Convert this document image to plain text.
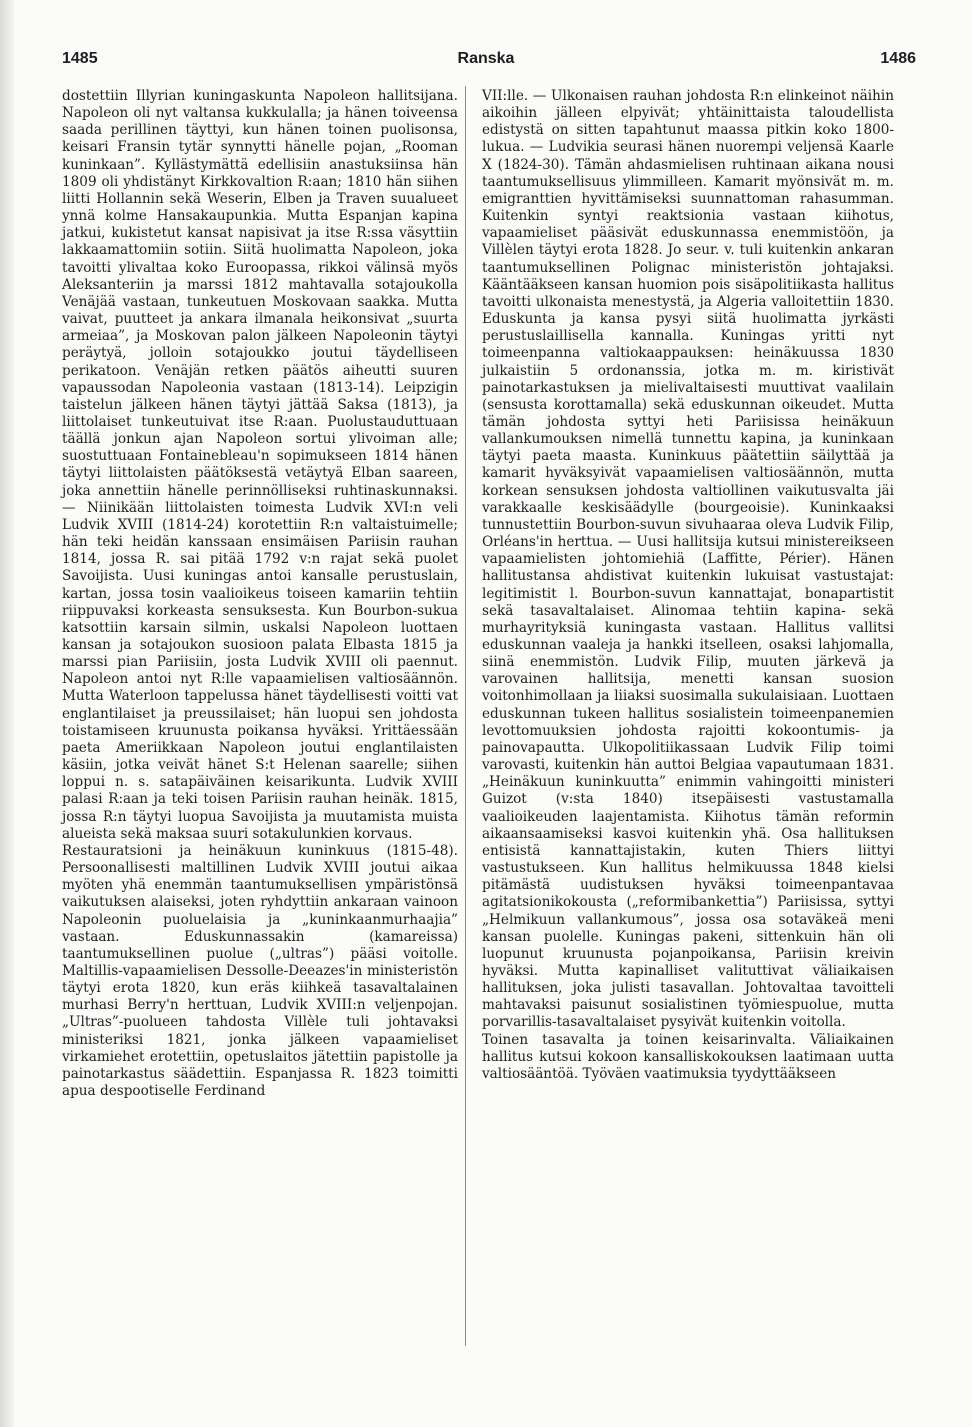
1485	Ranska	1486

dostettiin Illyrian kuningaskunta Napoleon hallitsijana. Napoleon oli nyt valtansa kukkulalla; ja hänen toiveensa saada perillinen täyttyi, kun hänen toinen puolisonsa, keisari Fransin tytär synnytti hänelle pojan, „Rooman kuninkaan”. Kyllästymättä edellisiin anastuksiinsa hän 1809 oli yhdistänyt Kirkkovaltion R:aan; 1810 hän siihen liitti Hollannin sekä Weserin, Elben ja Traven suualueet ynnä kolme Hansakaupunkia. Mutta Espanjan kapina jatkui, kukistetut kansat napisivat ja itse R:ssa väsyttiin lakkaamattomiin sotiin. Siitä huolimatta Napoleon, joka tavoitti ylivaltaa koko Euroopassa, rikkoi välinsä myös Aleksanteriin ja marssi 1812 mahtavalla sotajoukolla Venäjää vastaan, tunkeutuen Moskovaan saakka. Mutta vaivat, puutteet ja ankara ilmanala heikonsivat „suurta armeiaa”, ja Moskovan palon jälkeen Napoleonin täytyi peräytyä, jolloin sotajoukko joutui täydelliseen perikatoon. Venäjän retken päätös aiheutti suuren vapaussodan Napoleonia vastaan (1813-14). Leipzigin taistelun jälkeen hänen täytyi jättää Saksa (1813), ja liittolaiset tunkeutuivat itse R:aan. Puolustauduttuaan täällä jonkun ajan Napoleon sortui ylivoiman alle; suostuttuaan Fontainebleau'n sopimukseen 1814 hänen täytyi liittolaisten päätöksestä vetäytyä Elban saareen, joka annettiin hänelle perinnölliseksi ruhtinaskunnaksi. — Niinikään liittolaisten toimesta Ludvik XVI:n veli Ludvik XVIII (1814-24) korotettiin R:n valtaistuimelle; hän teki heidän kanssaan ensimäisen Pariisin rauhan 1814, jossa R. sai pitää 1792 v:n rajat sekä puolet Savoijista. Uusi kuningas antoi kansalle perustuslain, kartan, jossa tosin vaalioikeus toiseen kamariin tehtiin riippuvaksi korkeasta sensuksesta. Kun Bourbon-sukua katsottiin karsain silmin, uskalsi Napoleon luottaen kansan ja sotajoukon suosioon palata Elbasta 1815 ja marssi pian Pariisiin, josta Ludvik XVIII oli paennut. Napoleon antoi nyt R:lle vapaamielisen valtiosäännön. Mutta Waterloon tappelussa hänet täydellisesti voitti vat englantilaiset ja preussilaiset; hän luopui sen johdosta toistamiseen kruunusta poikansa hyväksi. Yrittäessään paeta Ameriikkaan Napoleon joutui englantilaisten käsiin, jotka veivät hänet S:t Helenan saarelle; siihen loppui n. s. satapäiväinen keisarikunta. Ludvik XVIII palasi R:aan ja teki toisen Pariisin rauhan heinäk. 1815, jossa R:n täytyi luopua Savoijista ja muutamista muista alueista sekä maksaa suuri sotakulunkien korvaus.

Restauratsioni ja heinäkuun kuninkuus (1815-48). Persoonallisesti maltillinen Ludvik XVIII joutui aikaa myöten yhä enemmän taantumuksellisen ympäristönsä vaikutuksen alaiseksi, joten ryhdyttiin ankaraan vainoon Napoleonin puoluelaisia ja „kuninkaanmurhaajia” vastaan. Eduskunnassakin (kamareissa) taantumuksellinen puolue („ultras”) pääsi voitolle. Maltillis-vapaamielisen Dessolle-Deeazes'in ministeristön täytyi erota 1820, kun eräs kiihkeä tasavaltalainen murhasi Berry'n herttuan, Ludvik XVIII:n veljenpojan. „Ultras”-puolueen tahdosta Villèle tuli johtavaksi ministeriksi 1821, jonka jälkeen vapaamieliset virkamiehet erotettiin, opetuslaitos jätettiin papistolle ja painotarkastus säädettiin. Espanjassa R. 1823 toimitti apua despootiselle Ferdinand

VII:lle. — Ulkonaisen rauhan johdosta R:n elinkeinot näihin aikoihin jälleen elpyivät; yhtäinittaista taloudellista edistystä on sitten tapahtunut maassa pitkin koko 1800-lukua. — Ludvikia seurasi hänen nuorempi veljensä Kaarle X (1824-30). Tämän ahdasmielisen ruhtinaan aikana nousi taantumuksellisuus ylimmilleen. Kamarit myönsivät m. m. emigranttien hyvittämiseksi suunnattoman rahasumman. Kuitenkin syntyi reaktsionia vastaan kiihotus, vapaamieliset pääsivät eduskunnassa enemmistöön, ja Villèlen täytyi erota 1828. Jo seur. v. tuli kuitenkin ankaran taantumuksellinen Polignac ministeristön johtajaksi. Kääntääkseen kansan huomion pois sisäpolitiikasta hallitus tavoitti ulkonaista menestystä, ja Algeria valloitettiin 1830. Eduskunta ja kansa pysyi siitä huolimatta jyrkästi perustuslaillisella kannalla. Kuningas yritti nyt toimeenpanna valtiokaappauksen: heinäkuussa 1830 julkaistiin 5 ordonanssia, jotka m. m. kiristivät painotarkastuksen ja mielivaltaisesti muuttivat vaalilain (sensusta korottamalla) sekä eduskunnan oikeudet. Mutta tämän johdosta syttyi heti Pariisissa heinäkuun vallankumouksen nimellä tunnettu kapina, ja kuninkaan täytyi paeta maasta. Kuninkuus päätettiin säilyttää ja kamarit hyväksyivät vapaamielisen valtiosäännön, mutta korkean sensuksen johdosta valtiollinen vaikutusvalta jäi varakkaalle keskisäädylle (bourgeoisie). Kuninkaaksi tunnustettiin Bourbon-suvun sivuhaaraa oleva Ludvik Filip, Orléans'in herttua. — Uusi hallitsija kutsui ministereikseen vapaamielisten johtomiehiä (Laffitte, Périer). Hänen hallitustansa ahdistivat kuitenkin lukuisat vastustajat: legitimistit l. Bourbon-suvun kannattajat, bonapartistit sekä tasavaltalaiset. Alinomaa tehtiin kapina- sekä murhayrityksiä kuningasta vastaan. Hallitus vallitsi eduskunnan vaaleja ja hankki itselleen, osaksi lahjomalla, siinä enemmistön. Ludvik Filip, muuten järkevä ja varovainen hallitsija, menetti kansan suosion voitonhimollaan ja liiaksi suosimalla sukulaisiaan. Luottaen eduskunnan tukeen hallitus sosialistein toimeenpanemien levottomuuksien johdosta rajoitti kokoontumis- ja painovapautta. Ulkopolitiikassaan Ludvik Filip toimi varovasti, kuitenkin hän auttoi Belgiaa vapautumaan 1831. „Heinäkuun kuninkuutta” enimmin vahingoitti ministeri Guizot (v:sta 1840) itsepäisesti vastustamalla vaalioikeuden laajentamista. Kiihotus tämän reformin aikaansaamiseksi kasvoi kuitenkin yhä. Osa hallituksen entisistä kannattajistakin, kuten Thiers liittyi vastustukseen. Kun hallitus helmikuussa 1848 kielsi pitämästä uudistuksen hyväksi toimeenpantavaa agitatsionikokousta („reformibankettia”) Pariisissa, syttyi „Helmikuun vallankumous”, jossa osa sotaväkeä meni kansan puolelle. Kuningas pakeni, sittenkuin hän oli luopunut kruunusta pojanpoikansa, Pariisin kreivin hyväksi. Mutta kapinalliset valituttivat väliaikaisen hallituksen, joka julisti tasavallan. Johtovaltaa tavoitteli mahtavaksi paisunut sosialistinen työmiespuolue, mutta porvarillis-tasavaltalaiset pysyivät kuitenkin voitolla.

Toinen tasavalta ja toinen keisarinvalta. Väliaikainen hallitus kutsui kokoon kansalliskokouksen laatimaan uutta valtiosääntöä. Työväen vaatimuksia tyydyttääkseen
